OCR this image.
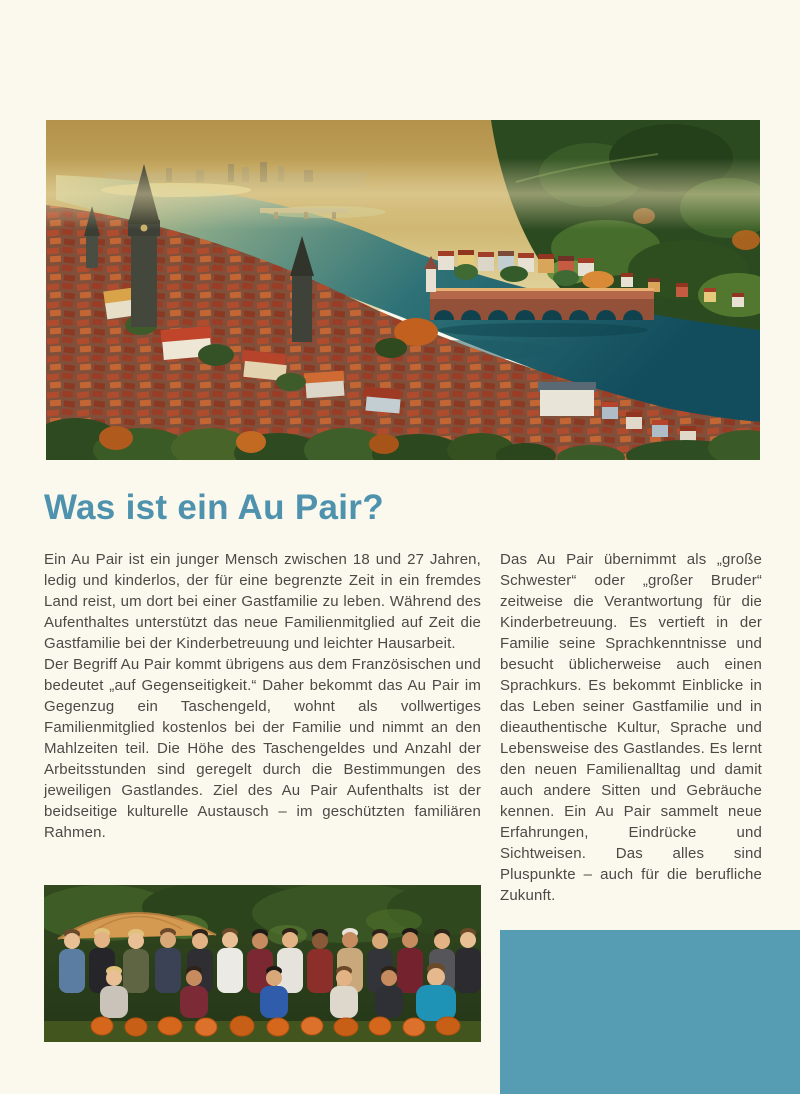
Was ist ein Au Pair?

Ein Au Pair ist ein junger Mensch zwischen 18 und 27 Jahren, ledig und kinderlos, der für eine begrenzte Zeit in ein fremdes Land reist, um dort bei einer Gastfamilie zu leben. Während des Aufenthaltes unterstützt das neue Familienmitglied auf Zeit die Gastfamilie bei der Kinderbetreuung und leichter Hausarbeit.

Der Begriff Au Pair kommt übrigens aus dem Französischen und bedeutet „auf Gegenseitigkeit.“ Daher bekommt das Au Pair im Gegenzug ein Taschengeld, wohnt als vollwertiges Familienmitglied kostenlos bei der Familie und nimmt an den Mahlzeiten teil. Die Höhe des Taschengeldes und Anzahl der Arbeitsstunden sind geregelt durch die Bestimmungen des jeweiligen Gastlandes. Ziel des Au Pair Aufenthalts ist der beidseitige kulturelle Austausch – im geschützten familiären Rahmen.

Das Au Pair übernimmt als „große Schwester“ oder „großer Bruder“ zeitweise die Verantwortung für die Kinderbetreuung. Es vertieft in der Familie seine Sprachkenntnisse und besucht üblicherweise auch einen Sprachkurs. Es bekommt Einblicke in das Leben seiner Gastfamilie und in dieauthentische Kultur, Sprache und Lebensweise des Gastlandes. Es lernt den neuen Familienalltag und damit auch andere Sitten und Gebräuche kennen. Ein Au Pair sammelt neue Erfahrungen, Eindrücke und Sichtweisen. Das alles sind Pluspunkte – auch für die berufliche Zukunft.
